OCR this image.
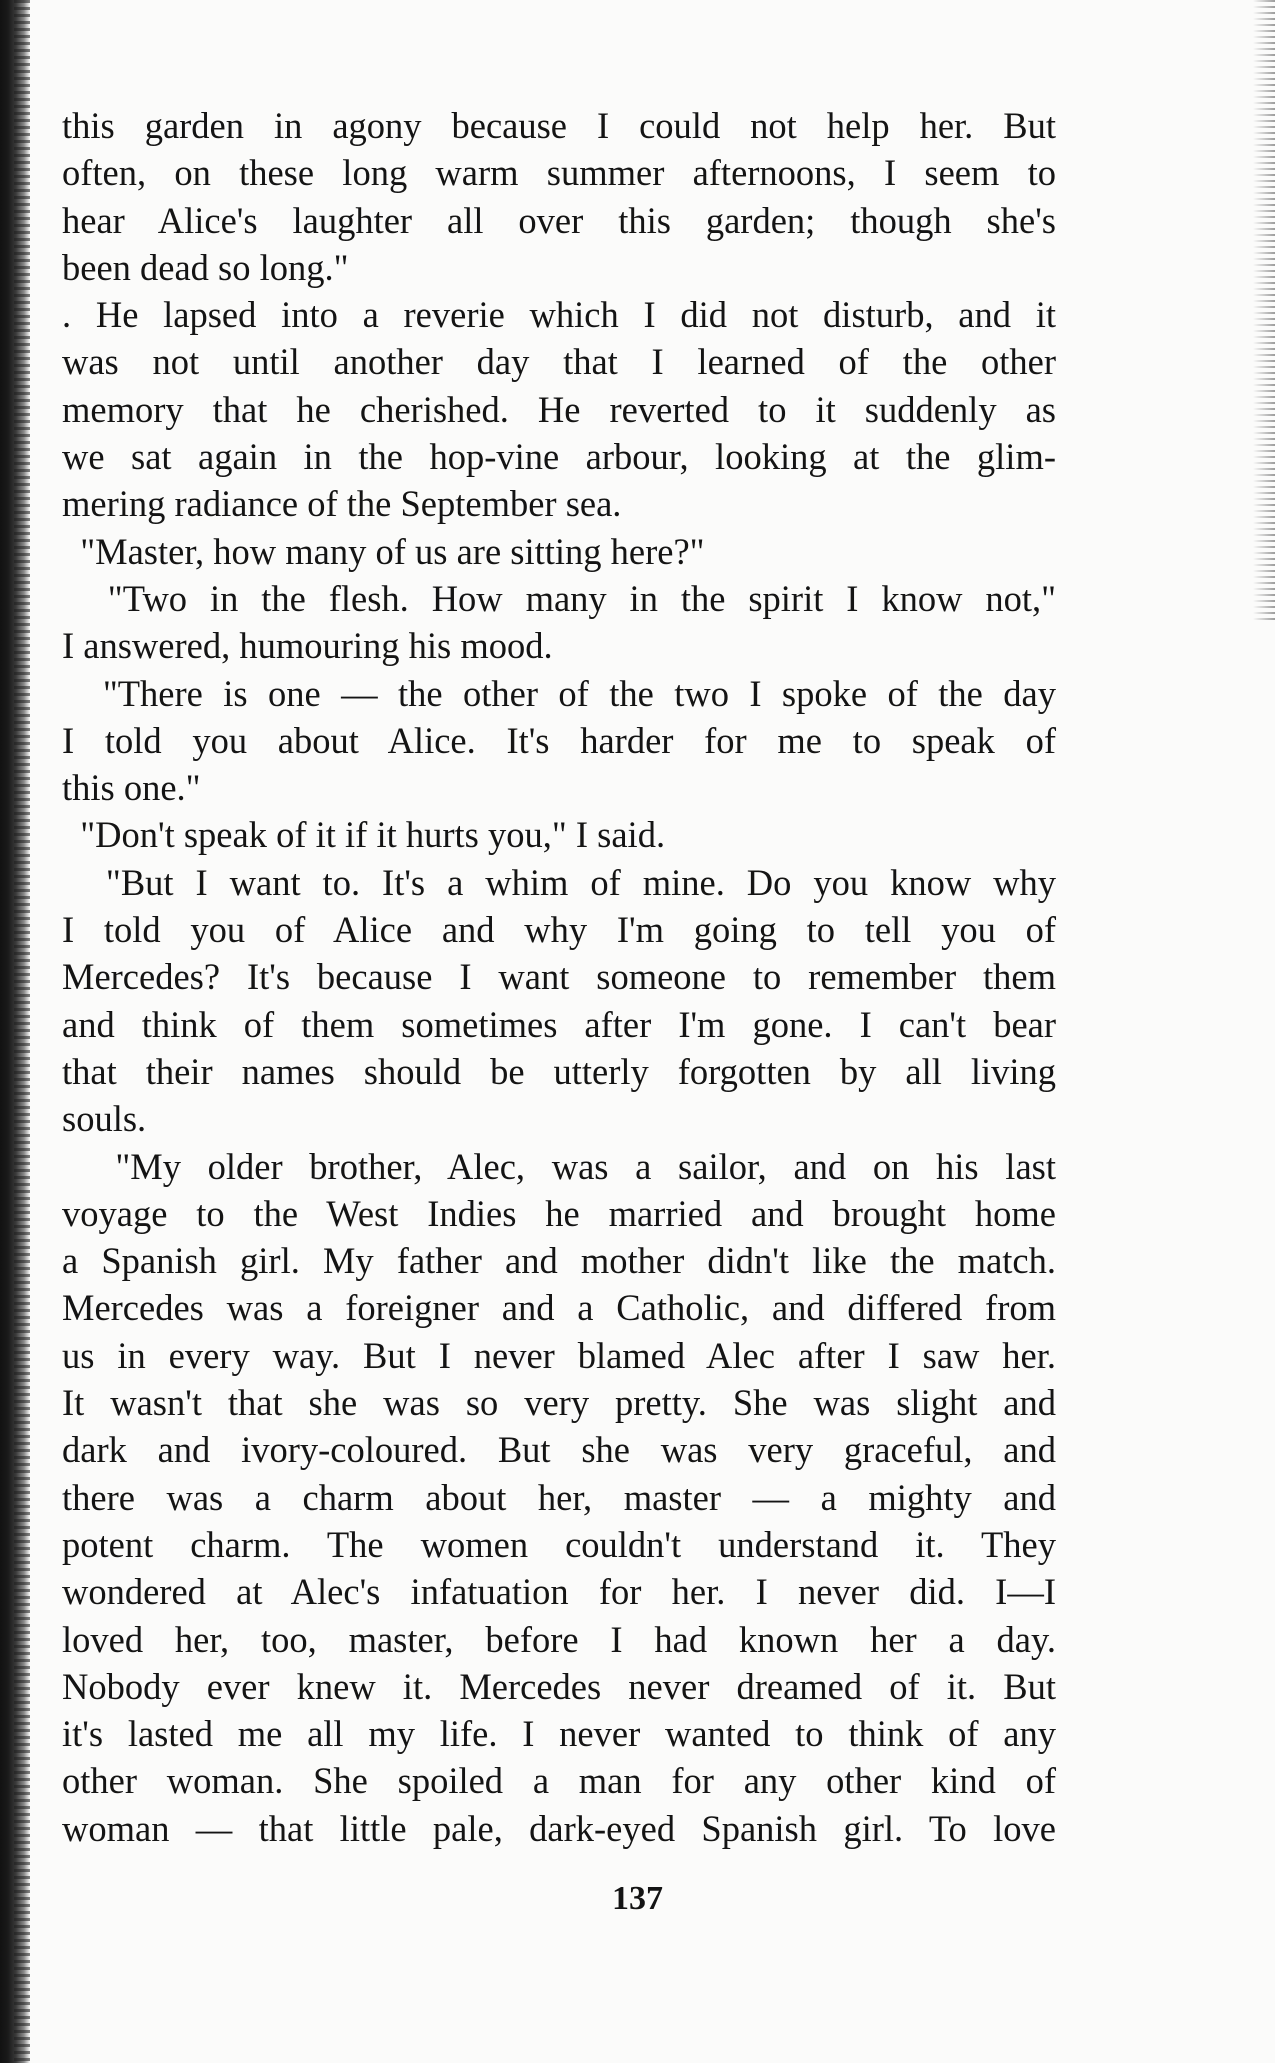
this garden in agony because I could not help her. But
often, on these long warm summer afternoons, I seem to
hear Alice's laughter all over this garden; though she's
been dead so long."
. He lapsed into a reverie which I did not disturb, and it
was not until another day that I learned of the other
memory that he cherished. He reverted to it suddenly as
we sat again in the hop-vine arbour, looking at the glim-
mering radiance of the September sea.
"Master, how many of us are sitting here?"
"Two in the flesh. How many in the spirit I know not,"
I answered, humouring his mood.
"There is one — the other of the two I spoke of the day
I told you about Alice. It's harder for me to speak of
this one."
"Don't speak of it if it hurts you," I said.
"But I want to. It's a whim of mine. Do you know why
I told you of Alice and why I'm going to tell you of
Mercedes? It's because I want someone to remember them
and think of them sometimes after I'm gone. I can't bear
that their names should be utterly forgotten by all living
souls.
"My older brother, Alec, was a sailor, and on his last
voyage to the West Indies he married and brought home
a Spanish girl. My father and mother didn't like the match.
Mercedes was a foreigner and a Catholic, and differed from
us in every way. But I never blamed Alec after I saw her.
It wasn't that she was so very pretty. She was slight and
dark and ivory-coloured. But she was very graceful, and
there was a charm about her, master — a mighty and
potent charm. The women couldn't understand it. They
wondered at Alec's infatuation for her. I never did. I—I
loved her, too, master, before I had known her a day.
Nobody ever knew it. Mercedes never dreamed of it. But
it's lasted me all my life. I never wanted to think of any
other woman. She spoiled a man for any other kind of
woman — that little pale, dark-eyed Spanish girl. To love
137
